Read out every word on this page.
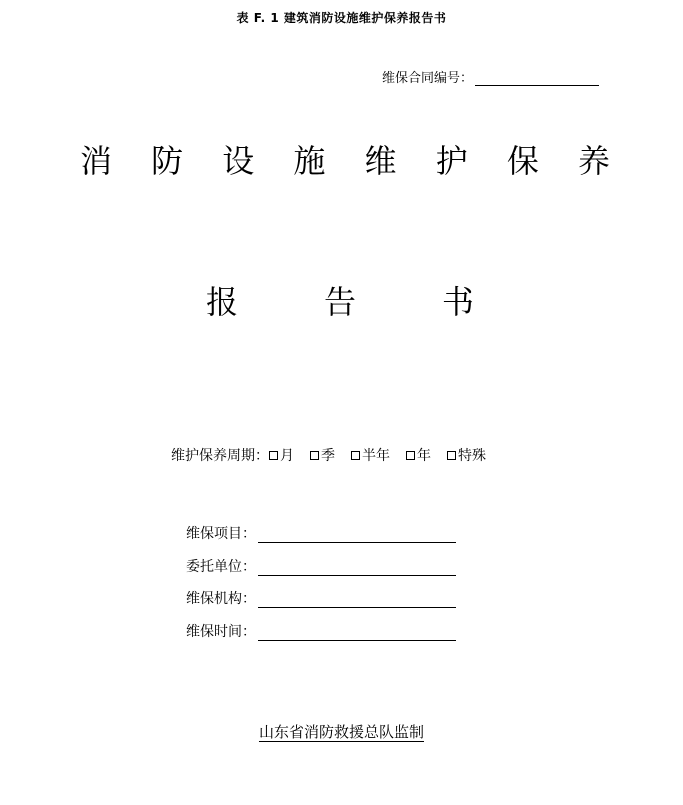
表 F. 1 建筑消防设施维护保养报告书
维保合同编号：
消 防 设 施 维 护 保 养
报	告	书
维护保养周期： 月 季 半年 年 特殊
维保项目：
委托单位：
维保机构：
维保时间：
山东省消防救援总队监制
